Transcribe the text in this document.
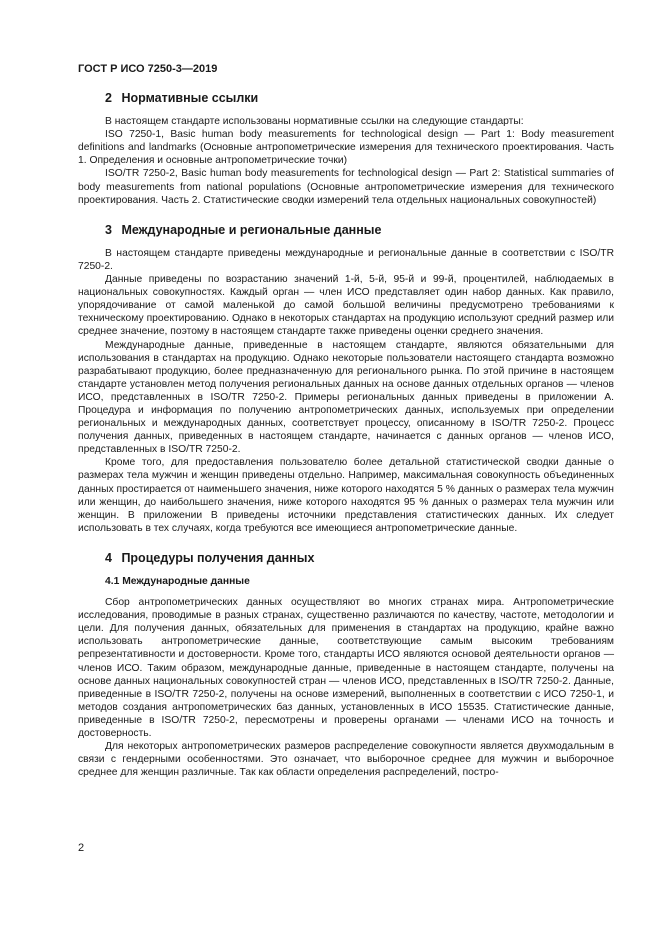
ГОСТ Р ИСО 7250-3—2019
2 Нормативные ссылки

В настоящем стандарте использованы нормативные ссылки на следующие стандарты:

ISO 7250-1, Basic human body measurements for technological design — Part 1: Body measurement definitions and landmarks (Основные антропометрические измерения для технического проектирования. Часть 1. Определения и основные антропометрические точки)

ISO/TR 7250-2, Basic human body measurements for technological design — Part 2: Statistical summaries of body measurements from national populations (Основные антропометрические измерения для технического проектирования. Часть 2. Статистические сводки измерений тела отдельных национальных совокупностей)

3 Международные и региональные данные

В настоящем стандарте приведены международные и региональные данные в соответствии с ISO/TR 7250-2.

Данные приведены по возрастанию значений 1-й, 5-й, 95-й и 99-й, процентилей, наблюдаемых в национальных совокупностях. Каждый орган — член ИСО представляет один набор данных. Как правило, упорядочивание от самой маленькой до самой большой величины предусмотрено требованиями к техническому проектированию. Однако в некоторых стандартах на продукцию используют средний размер или среднее значение, поэтому в настоящем стандарте также приведены оценки среднего значения.

Международные данные, приведенные в настоящем стандарте, являются обязательными для использования в стандартах на продукцию. Однако некоторые пользователи настоящего стандарта возможно разрабатывают продукцию, более предназначенную для регионального рынка. По этой причине в настоящем стандарте установлен метод получения региональных данных на основе данных отдельных органов — членов ИСО, представленных в ISO/TR 7250-2. Примеры региональных данных приведены в приложении А. Процедура и информация по получению антропометрических данных, используемых при определении региональных и международных данных, соответствует процессу, описанному в ISO/TR 7250-2. Процесс получения данных, приведенных в настоящем стандарте, начинается с данных органов — членов ИСО, представленных в ISO/TR 7250-2.

Кроме того, для предоставления пользователю более детальной статистической сводки данные о размерах тела мужчин и женщин приведены отдельно. Например, максимальная совокупность объединенных данных простирается от наименьшего значения, ниже которого находятся 5 % данных о размерах тела мужчин или женщин, до наибольшего значения, ниже которого находятся 95 % данных о размерах тела мужчин или женщин. В приложении В приведены источники представления статистических данных. Их следует использовать в тех случаях, когда требуются все имеющиеся антропометрические данные.

4 Процедуры получения данных
4.1 Международные данные

Сбор антропометрических данных осуществляют во многих странах мира. Антропометрические исследования, проводимые в разных странах, существенно различаются по качеству, частоте, методологии и цели. Для получения данных, обязательных для применения в стандартах на продукцию, крайне важно использовать антропометрические данные, соответствующие самым высоким требованиям репрезентативности и достоверности. Кроме того, стандарты ИСО являются основой деятельности органов — членов ИСО. Таким образом, международные данные, приведенные в настоящем стандарте, получены на основе данных национальных совокупностей стран — членов ИСО, представленных в ISO/TR 7250-2. Данные, приведенные в ISO/TR 7250-2, получены на основе измерений, выполненных в соответствии с ИСО 7250-1, и методов создания антропометрических баз данных, установленных в ИСО 15535. Статистические данные, приведенные в ISO/TR 7250-2, пересмотрены и проверены органами — членами ИСО на точность и достоверность.

Для некоторых антропометрических размеров распределение совокупности является двухмодальным в связи с гендерными особенностями. Это означает, что выборочное среднее для мужчин и выборочное среднее для женщин различные. Так как области определения распределений, постро-

2
